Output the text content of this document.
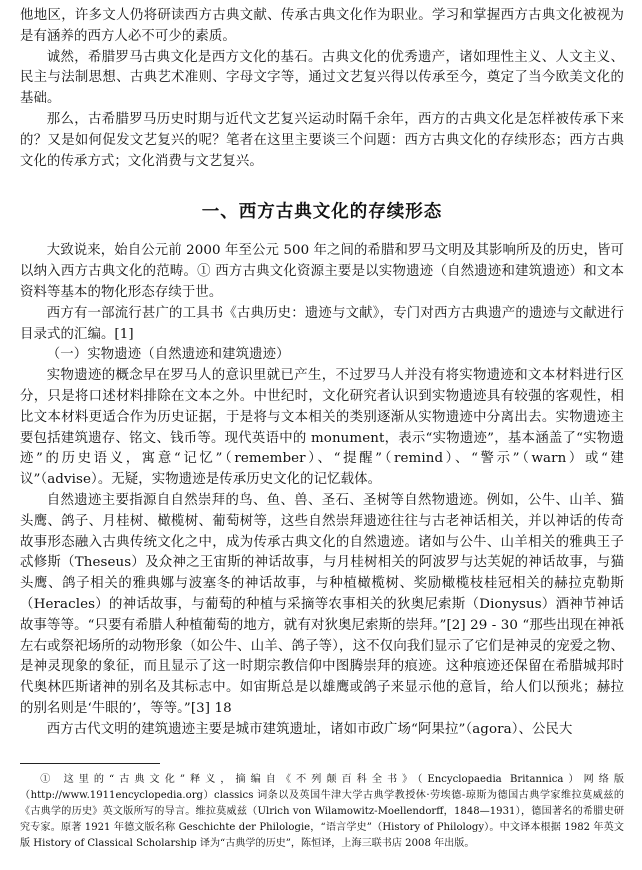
他地区，许多文人仍将研读西方古典文献、传承古典文化作为职业。学习和掌握西方古典文化被视为是有涵养的西方人必不可少的素质。

诚然，希腊罗马古典文化是西方文化的基石。古典文化的优秀遗产，诸如理性主义、人文主义、民主与法制思想、古典艺术准则、字母文字等，通过文艺复兴得以传承至今，奠定了当今欧美文化的基础。

那么，古希腊罗马历史时期与近代文艺复兴运动时隔千余年，西方的古典文化是怎样被传承下来的？又是如何促发文艺复兴的呢？笔者在这里主要谈三个问题：西方古典文化的存续形态；西方古典文化的传承方式；文化消费与文艺复兴。

一、西方古典文化的存续形态

大致说来，始自公元前 2000 年至公元 500 年之间的希腊和罗马文明及其影响所及的历史，皆可以纳入西方古典文化的范畴。① 西方古典文化资源主要是以实物遗迹（自然遗迹和建筑遗迹）和文本资料等基本的物化形态存续于世。

西方有一部流行甚广的工具书《古典历史：遗迹与文献》，专门对西方古典遗产的遗迹与文献进行目录式的汇编。[1]

（一）实物遗迹（自然遗迹和建筑遗迹）

实物遗迹的概念早在罗马人的意识里就已产生，不过罗马人并没有将实物遗迹和文本材料进行区分，只是将口述材料排除在文本之外。中世纪时，文化研究者认识到实物遗迹具有较强的客观性，相比文本材料更适合作为历史证据，于是将与文本相关的类别逐渐从实物遗迹中分离出去。实物遗迹主要包括建筑遗存、铭文、钱币等。现代英语中的 monument，表示“实物遗迹”，基本涵盖了“实物遗迹”的历史语义，寓意“记忆”（remember）、“提醒”（remind）、“警示”（warn）或“建议”（advise）。无疑，实物遗迹是传承历史文化的记忆载体。

自然遗迹主要指源自自然崇拜的鸟、鱼、兽、圣石、圣树等自然物遗迹。例如，公牛、山羊、猫头鹰、鸽子、月桂树、橄榄树、葡萄树等，这些自然崇拜遗迹往往与古老神话相关，并以神话的传奇故事形态融入古典传统文化之中，成为传承古典文化的自然遗迹。诸如与公牛、山羊相关的雅典王子忒修斯（Theseus）及众神之王宙斯的神话故事，与月桂树相关的阿波罗与达芙妮的神话故事，与猫头鹰、鸽子相关的雅典娜与波塞冬的神话故事，与种植橄榄树、奖励橄榄枝桂冠相关的赫拉克勒斯（Heracles）的神话故事，与葡萄的种植与采摘等农事相关的狄奥尼索斯（Dionysus）酒神节神话故事等等。“只要有希腊人种植葡萄的地方，就有对狄奥尼索斯的崇拜。”[2] 29 - 30 “那些出现在神祇左右或祭祀场所的动物形象（如公牛、山羊、鸽子等），这不仅向我们显示了它们是神灵的宠爱之物、是神灵现象的象征，而且显示了这一时期宗教信仰中图腾崇拜的痕迹。这种痕迹还保留在希腊城邦时代奥林匹斯诸神的别名及其标志中。如宙斯总是以雄鹰或鸽子来显示他的意旨，给人们以预兆；赫拉的别名则是‘牛眼的’，等等。”[3] 18

西方古代文明的建筑遗迹主要是城市建筑遗址，诸如市政广场“阿果拉”（agora）、公民大

① 这里的“古典文化”释义，摘编自《不列颠百科全书》（Encyclopaedia Britannica）网络版（http://www.1911encyclopedia.org）classics 词条以及英国牛津大学古典学教授休·劳埃德-琼斯为德国古典学家维拉莫威兹的《古典学的历史》英文版所写的导言。维拉莫威兹（Ulrich von Wilamowitz-Moellendorff，1848—1931），德国著名的希腊史研究专家。原著 1921 年德文版名称 Geschichte der Philologie，“语言学史”（History of Philology）。中文译本根据 1982 年英文版 History of Classical Scholarship 译为“古典学的历史”，陈恒译，上海三联书店 2008 年出版。
